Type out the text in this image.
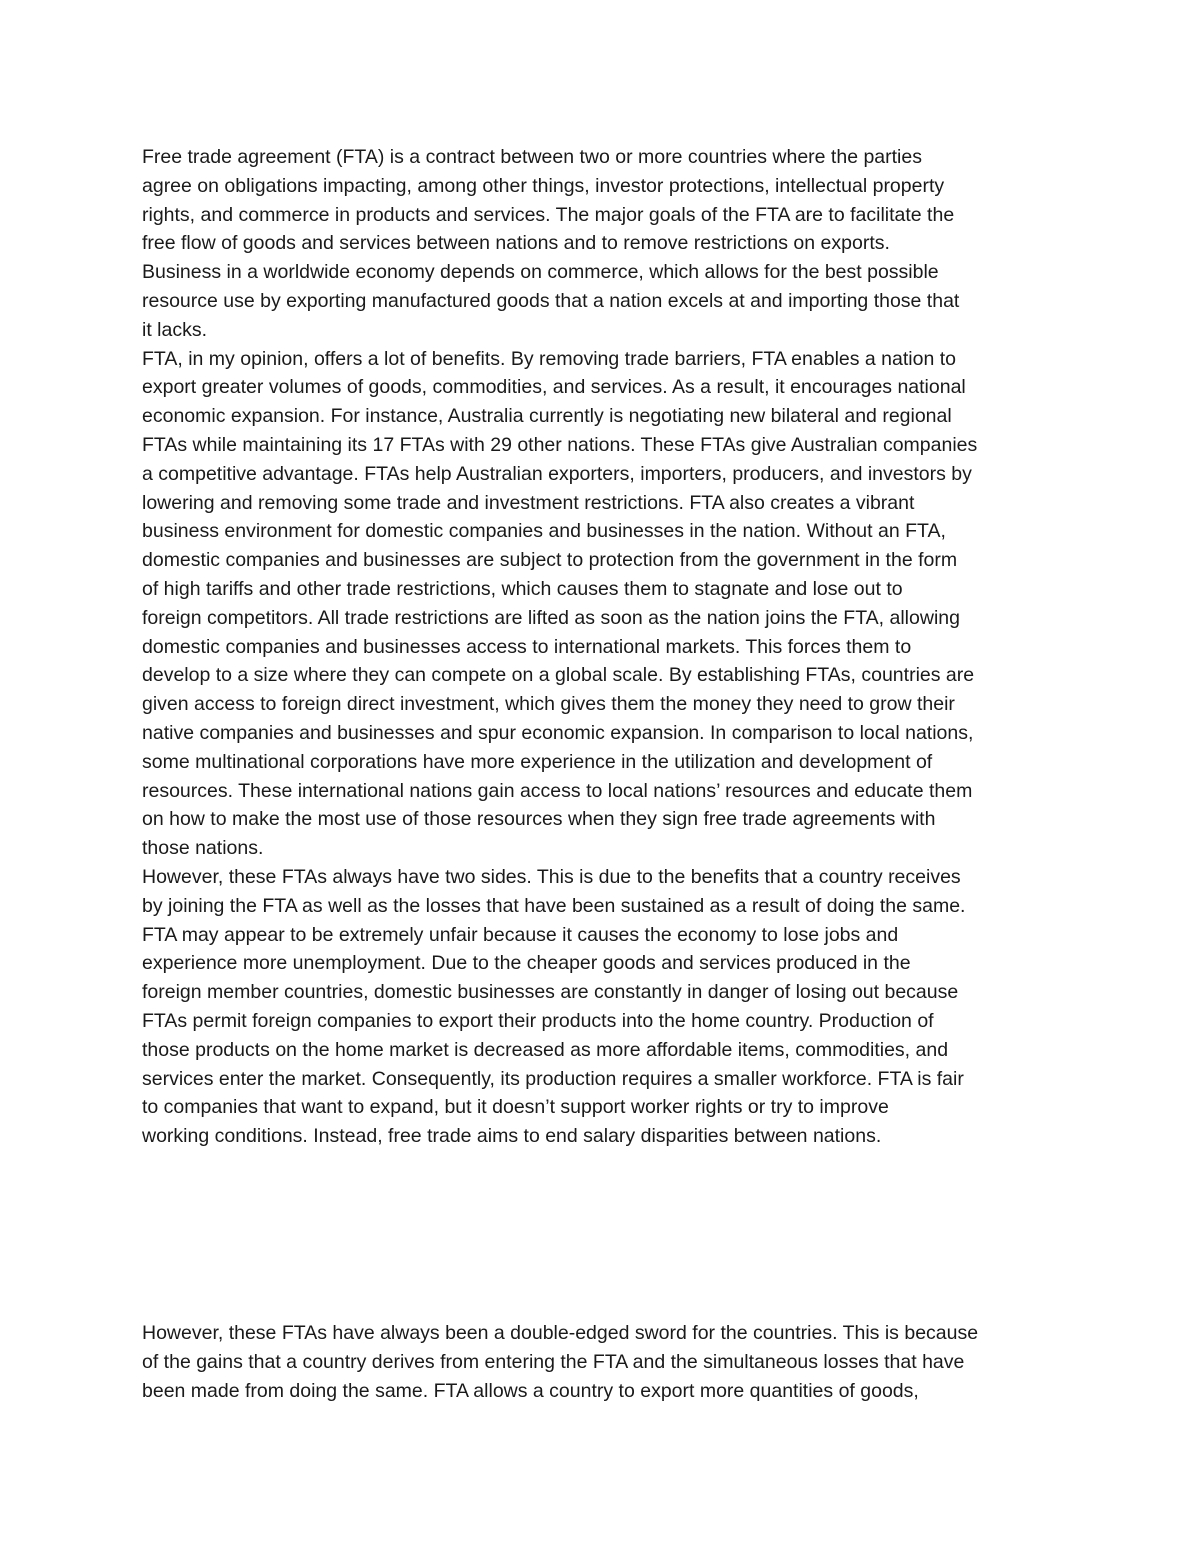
Free trade agreement (FTA) is a contract between two or more countries where the parties
agree on obligations impacting, among other things, investor protections, intellectual property
rights, and commerce in products and services. The major goals of the FTA are to facilitate the
free flow of goods and services between nations and to remove restrictions on exports.
Business in a worldwide economy depends on commerce, which allows for the best possible
resource use by exporting manufactured goods that a nation excels at and importing those that
it lacks.
FTA, in my opinion, offers a lot of benefits. By removing trade barriers, FTA enables a nation to
export greater volumes of goods, commodities, and services. As a result, it encourages national
economic expansion. For instance, Australia currently is negotiating new bilateral and regional
FTAs while maintaining its 17 FTAs with 29 other nations. These FTAs give Australian companies
a competitive advantage. FTAs help Australian exporters, importers, producers, and investors by
lowering and removing some trade and investment restrictions. FTA also creates a vibrant
business environment for domestic companies and businesses in the nation. Without an FTA,
domestic companies and businesses are subject to protection from the government in the form
of high tariffs and other trade restrictions, which causes them to stagnate and lose out to
foreign competitors. All trade restrictions are lifted as soon as the nation joins the FTA, allowing
domestic companies and businesses access to international markets. This forces them to
develop to a size where they can compete on a global scale. By establishing FTAs, countries are
given access to foreign direct investment, which gives them the money they need to grow their
native companies and businesses and spur economic expansion. In comparison to local nations,
some multinational corporations have more experience in the utilization and development of
resources. These international nations gain access to local nations’ resources and educate them
on how to make the most use of those resources when they sign free trade agreements with
those nations.
However, these FTAs always have two sides. This is due to the benefits that a country receives
by joining the FTA as well as the losses that have been sustained as a result of doing the same.
FTA may appear to be extremely unfair because it causes the economy to lose jobs and
experience more unemployment. Due to the cheaper goods and services produced in the
foreign member countries, domestic businesses are constantly in danger of losing out because
FTAs permit foreign companies to export their products into the home country. Production of
those products on the home market is decreased as more affordable items, commodities, and
services enter the market. Consequently, its production requires a smaller workforce. FTA is fair
to companies that want to expand, but it doesn’t support worker rights or try to improve
working conditions. Instead, free trade aims to end salary disparities between nations.
However, these FTAs have always been a double-edged sword for the countries. This is because
of the gains that a country derives from entering the FTA and the simultaneous losses that have
been made from doing the same. FTA allows a country to export more quantities of goods,
